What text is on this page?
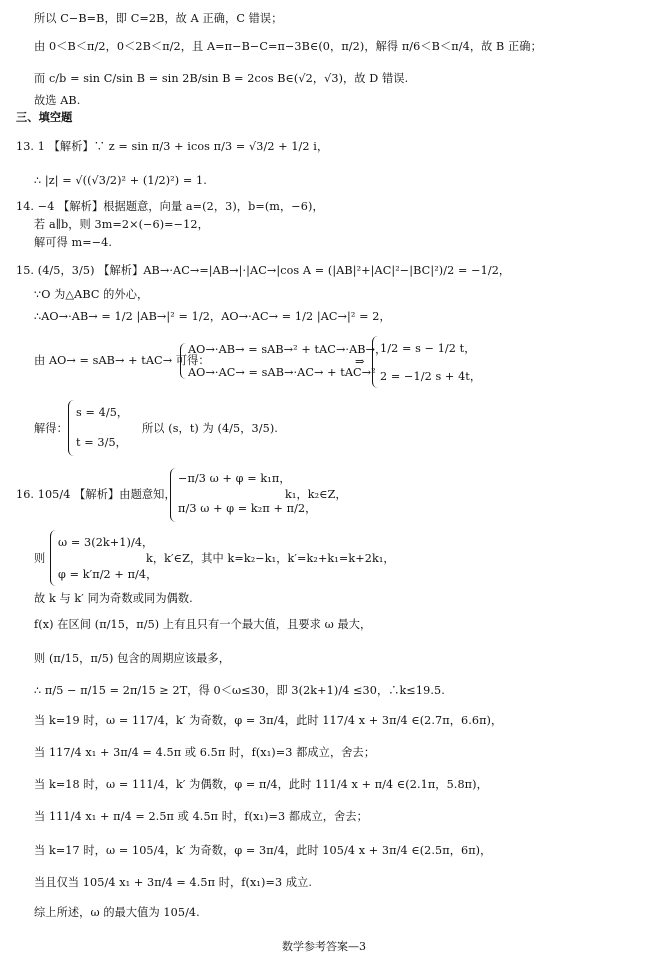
所以 C−B=B，即 C=2B，故 A 正确，C 错误；
由 0＜B＜π/2，0＜2B＜π/2，且 A=π−B−C=π−3B∈(0，π/2)，解得 π/6＜B＜π/4，故 B 正确；
而 c/b = sin C/sin B = sin 2B/sin B = 2cos B∈(√2，√3)，故 D 错误.
故选 AB.
三、填空题
13. 1 【解析】∵ z = sin π/3 + icos π/3 = √3/2 + 1/2 i，
∴ |z| = √((√3/2)² + (1/2)²) = 1.
14. −4 【解析】根据题意，向量 a=(2，3)，b=(m，−6)，
若 a∥b，则 3m=2×(−6)=−12，
解可得 m=−4.
15. (4/5，3/5) 【解析】AB→·AC→=|AB→|·|AC→|cos A = (|AB|²+|AC|²−|BC|²)/2 = −1/2，
∵O 为△ABC 的外心，
∴AO→·AB→ = 1/2 |AB→|² = 1/2，AO→·AC→ = 1/2 |AC→|² = 2，
由 AO→ = sAB→ + tAC→ 可得：
AO→·AB→ = sAB→² + tAC→·AB→，
AO→·AC→ = sAB→·AC→ + tAC→²
⇒
1/2 = s − 1/2 t，
2 = −1/2 s + 4t，
解得：
s = 4/5，
t = 3/5，
所以 (s，t) 为 (4/5，3/5).
16. 105/4 【解析】由题意知，
−π/3 ω + φ = k₁π，
π/3 ω + φ = k₂π + π/2，
k₁，k₂∈Z，
则
ω = 3(2k+1)/4，
φ = k′π/2 + π/4，
k，k′∈Z，其中 k=k₂−k₁，k′=k₂+k₁=k+2k₁，
故 k 与 k′ 同为奇数或同为偶数.
f(x) 在区间 (π/15，π/5) 上有且只有一个最大值，且要求 ω 最大，
则 (π/15，π/5) 包含的周期应该最多，
∴ π/5 − π/15 = 2π/15 ≥ 2T，得 0＜ω≤30，即 3(2k+1)/4 ≤30，∴k≤19.5.
当 k=19 时，ω = 117/4，k′ 为奇数，φ = 3π/4，此时 117/4 x + 3π/4 ∈(2.7π，6.6π)，
当 117/4 x₁ + 3π/4 = 4.5π 或 6.5π 时，f(x₁)=3 都成立，舍去；
当 k=18 时，ω = 111/4，k′ 为偶数，φ = π/4，此时 111/4 x + π/4 ∈(2.1π，5.8π)，
当 111/4 x₁ + π/4 = 2.5π 或 4.5π 时，f(x₁)=3 都成立，舍去；
当 k=17 时，ω = 105/4，k′ 为奇数，φ = 3π/4，此时 105/4 x + 3π/4 ∈(2.5π，6π)，
当且仅当 105/4 x₁ + 3π/4 = 4.5π 时，f(x₁)=3 成立.
综上所述，ω 的最大值为 105/4.
数学参考答案—3
